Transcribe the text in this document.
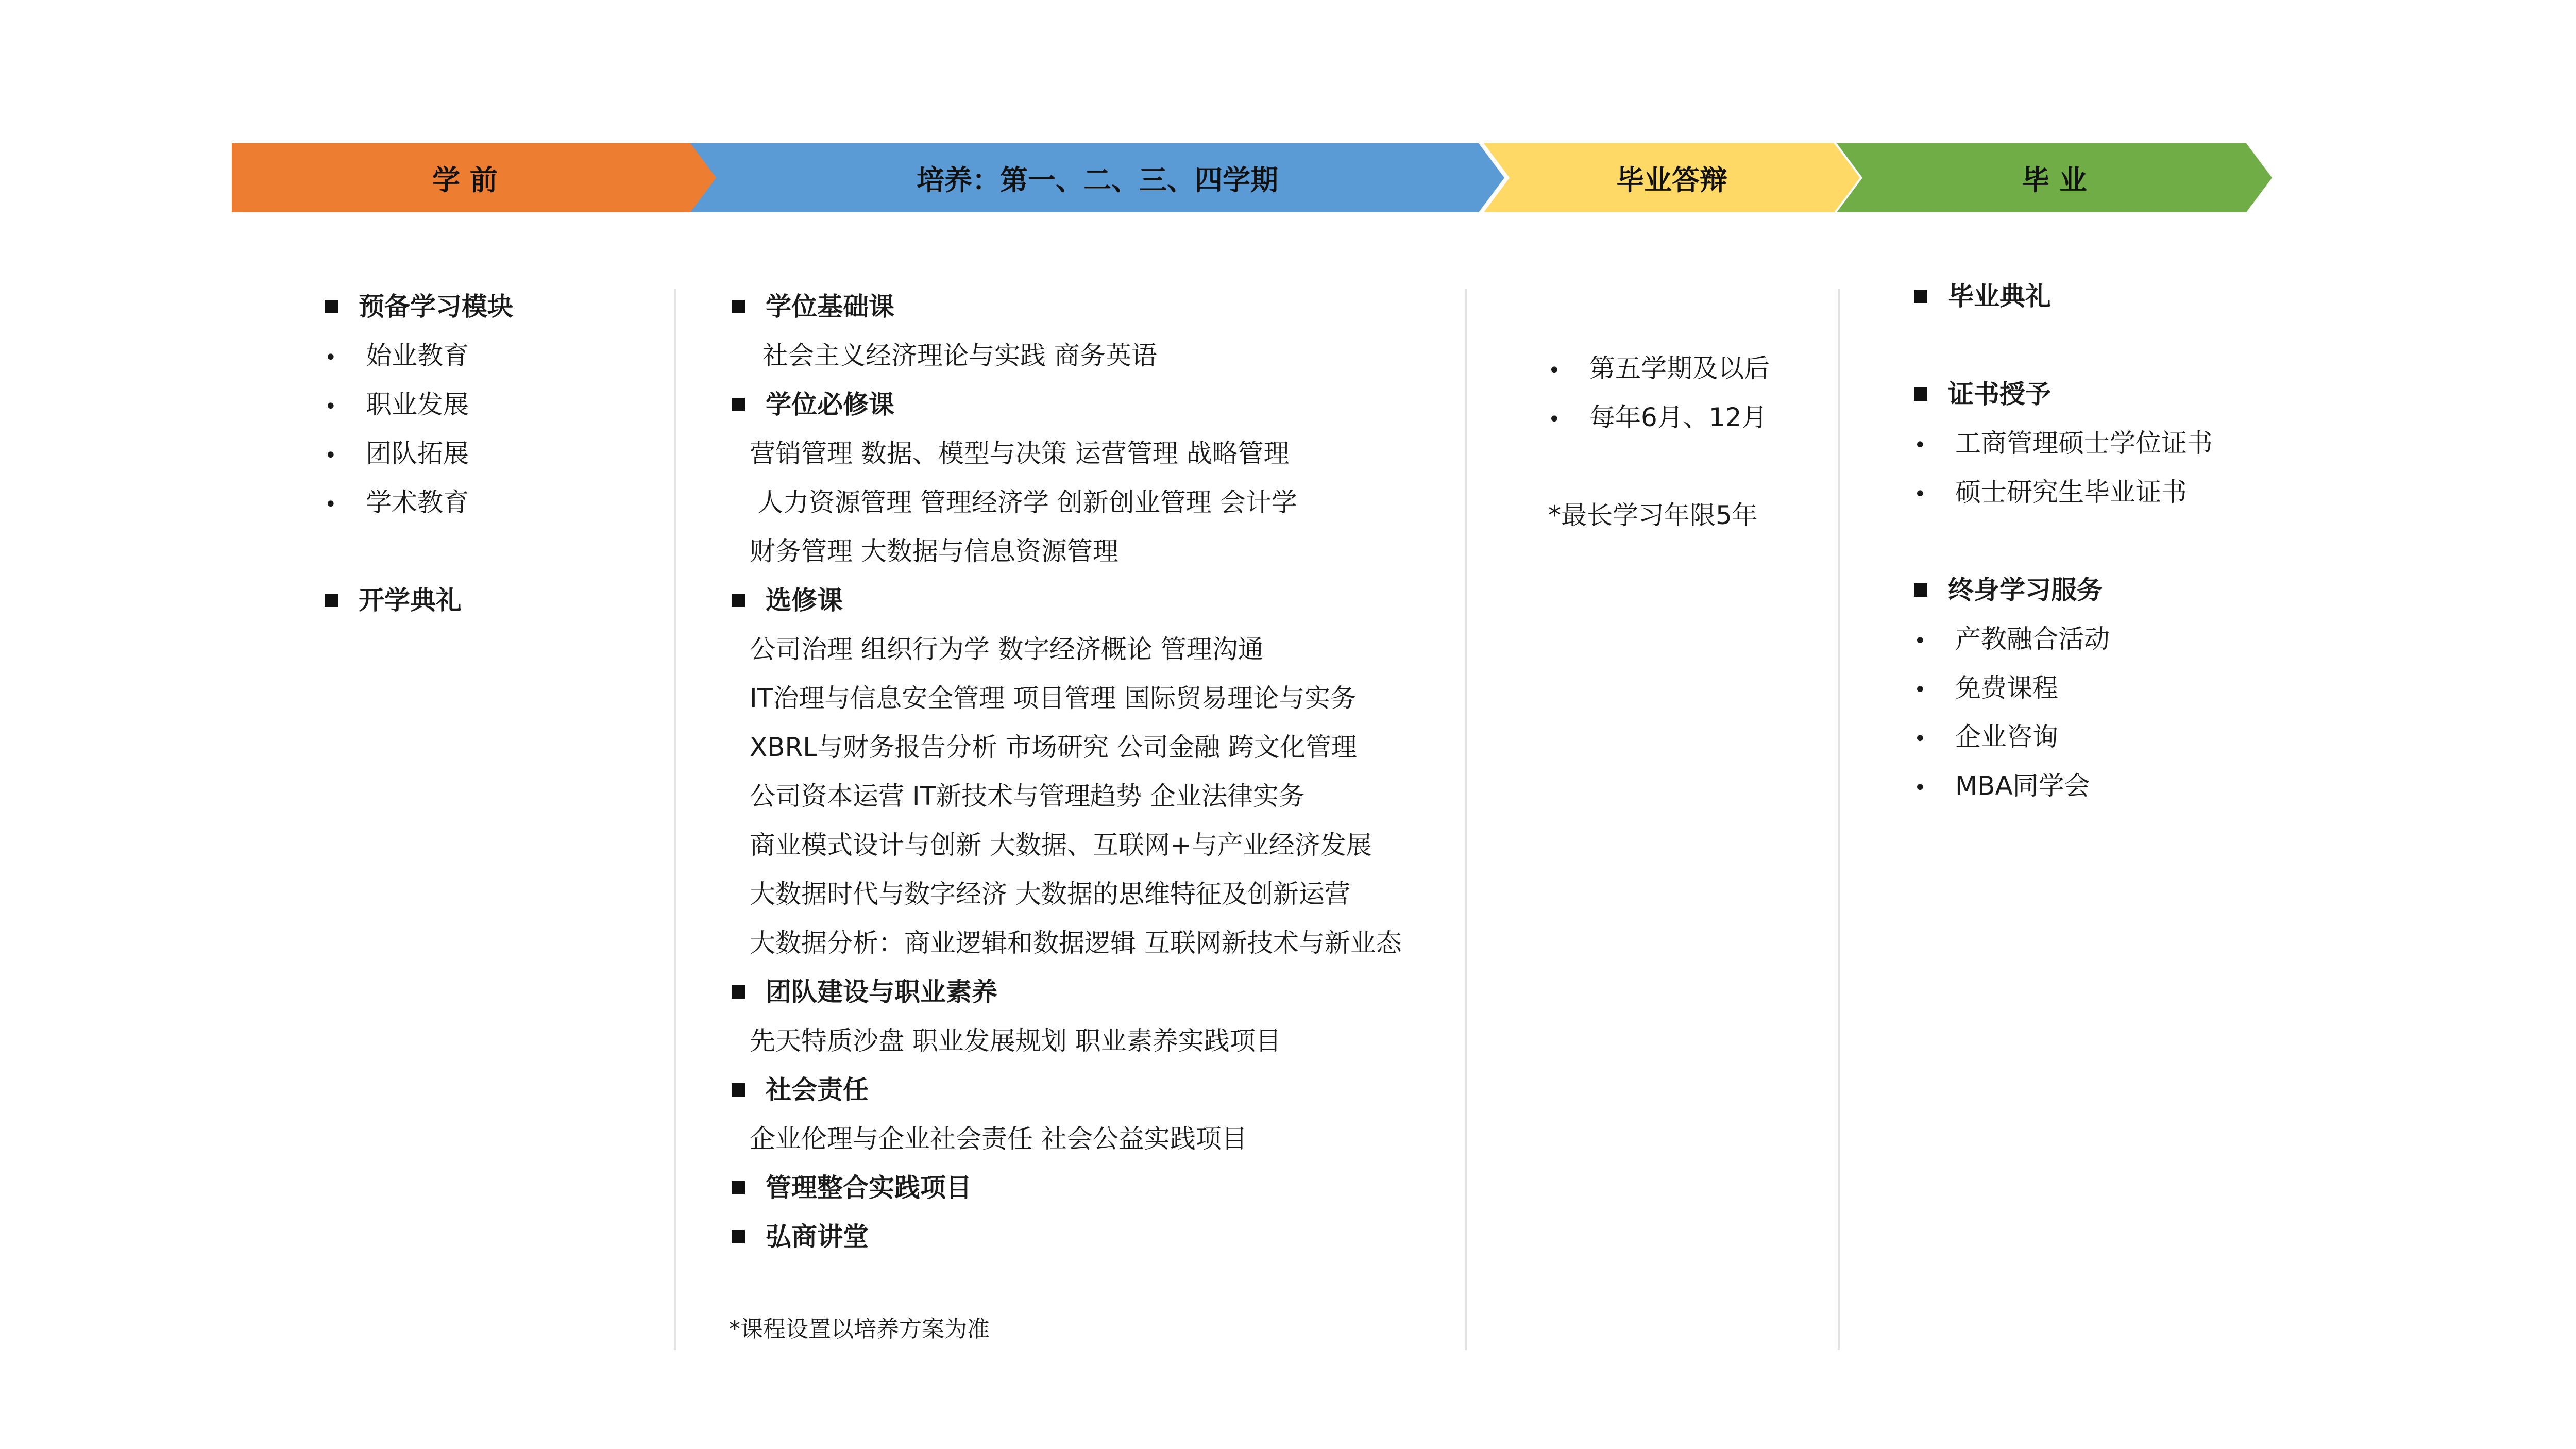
学 前	培养：第一、二、三、四学期	毕业答辩	毕 业
预备学习模块
• 始业教育
• 职业发展
• 团队拓展
• 学术教育
开学典礼
学位基础课
社会主义经济理论与实践 商务英语
学位必修课
营销管理 数据、模型与决策 运营管理 战略管理
人力资源管理 管理经济学 创新创业管理 会计学
财务管理 大数据与信息资源管理
选修课
公司治理 组织行为学 数字经济概论 管理沟通
IT治理与信息安全管理 项目管理 国际贸易理论与实务
XBRL与财务报告分析 市场研究 公司金融 跨文化管理
公司资本运营 IT新技术与管理趋势 企业法律实务
商业模式设计与创新 大数据、互联网+与产业经济发展
大数据时代与数字经济 大数据的思维特征及创新运营
大数据分析：商业逻辑和数据逻辑 互联网新技术与新业态
团队建设与职业素养
先天特质沙盘 职业发展规划 职业素养实践项目
社会责任
企业伦理与企业社会责任 社会公益实践项目
管理整合实践项目
弘商讲堂
*课程设置以培养方案为准
• 第五学期及以后
• 每年6月、12月
*最长学习年限5年
毕业典礼
证书授予
• 工商管理硕士学位证书
• 硕士研究生毕业证书
终身学习服务
• 产教融合活动
• 免费课程
• 企业咨询
• MBA同学会
